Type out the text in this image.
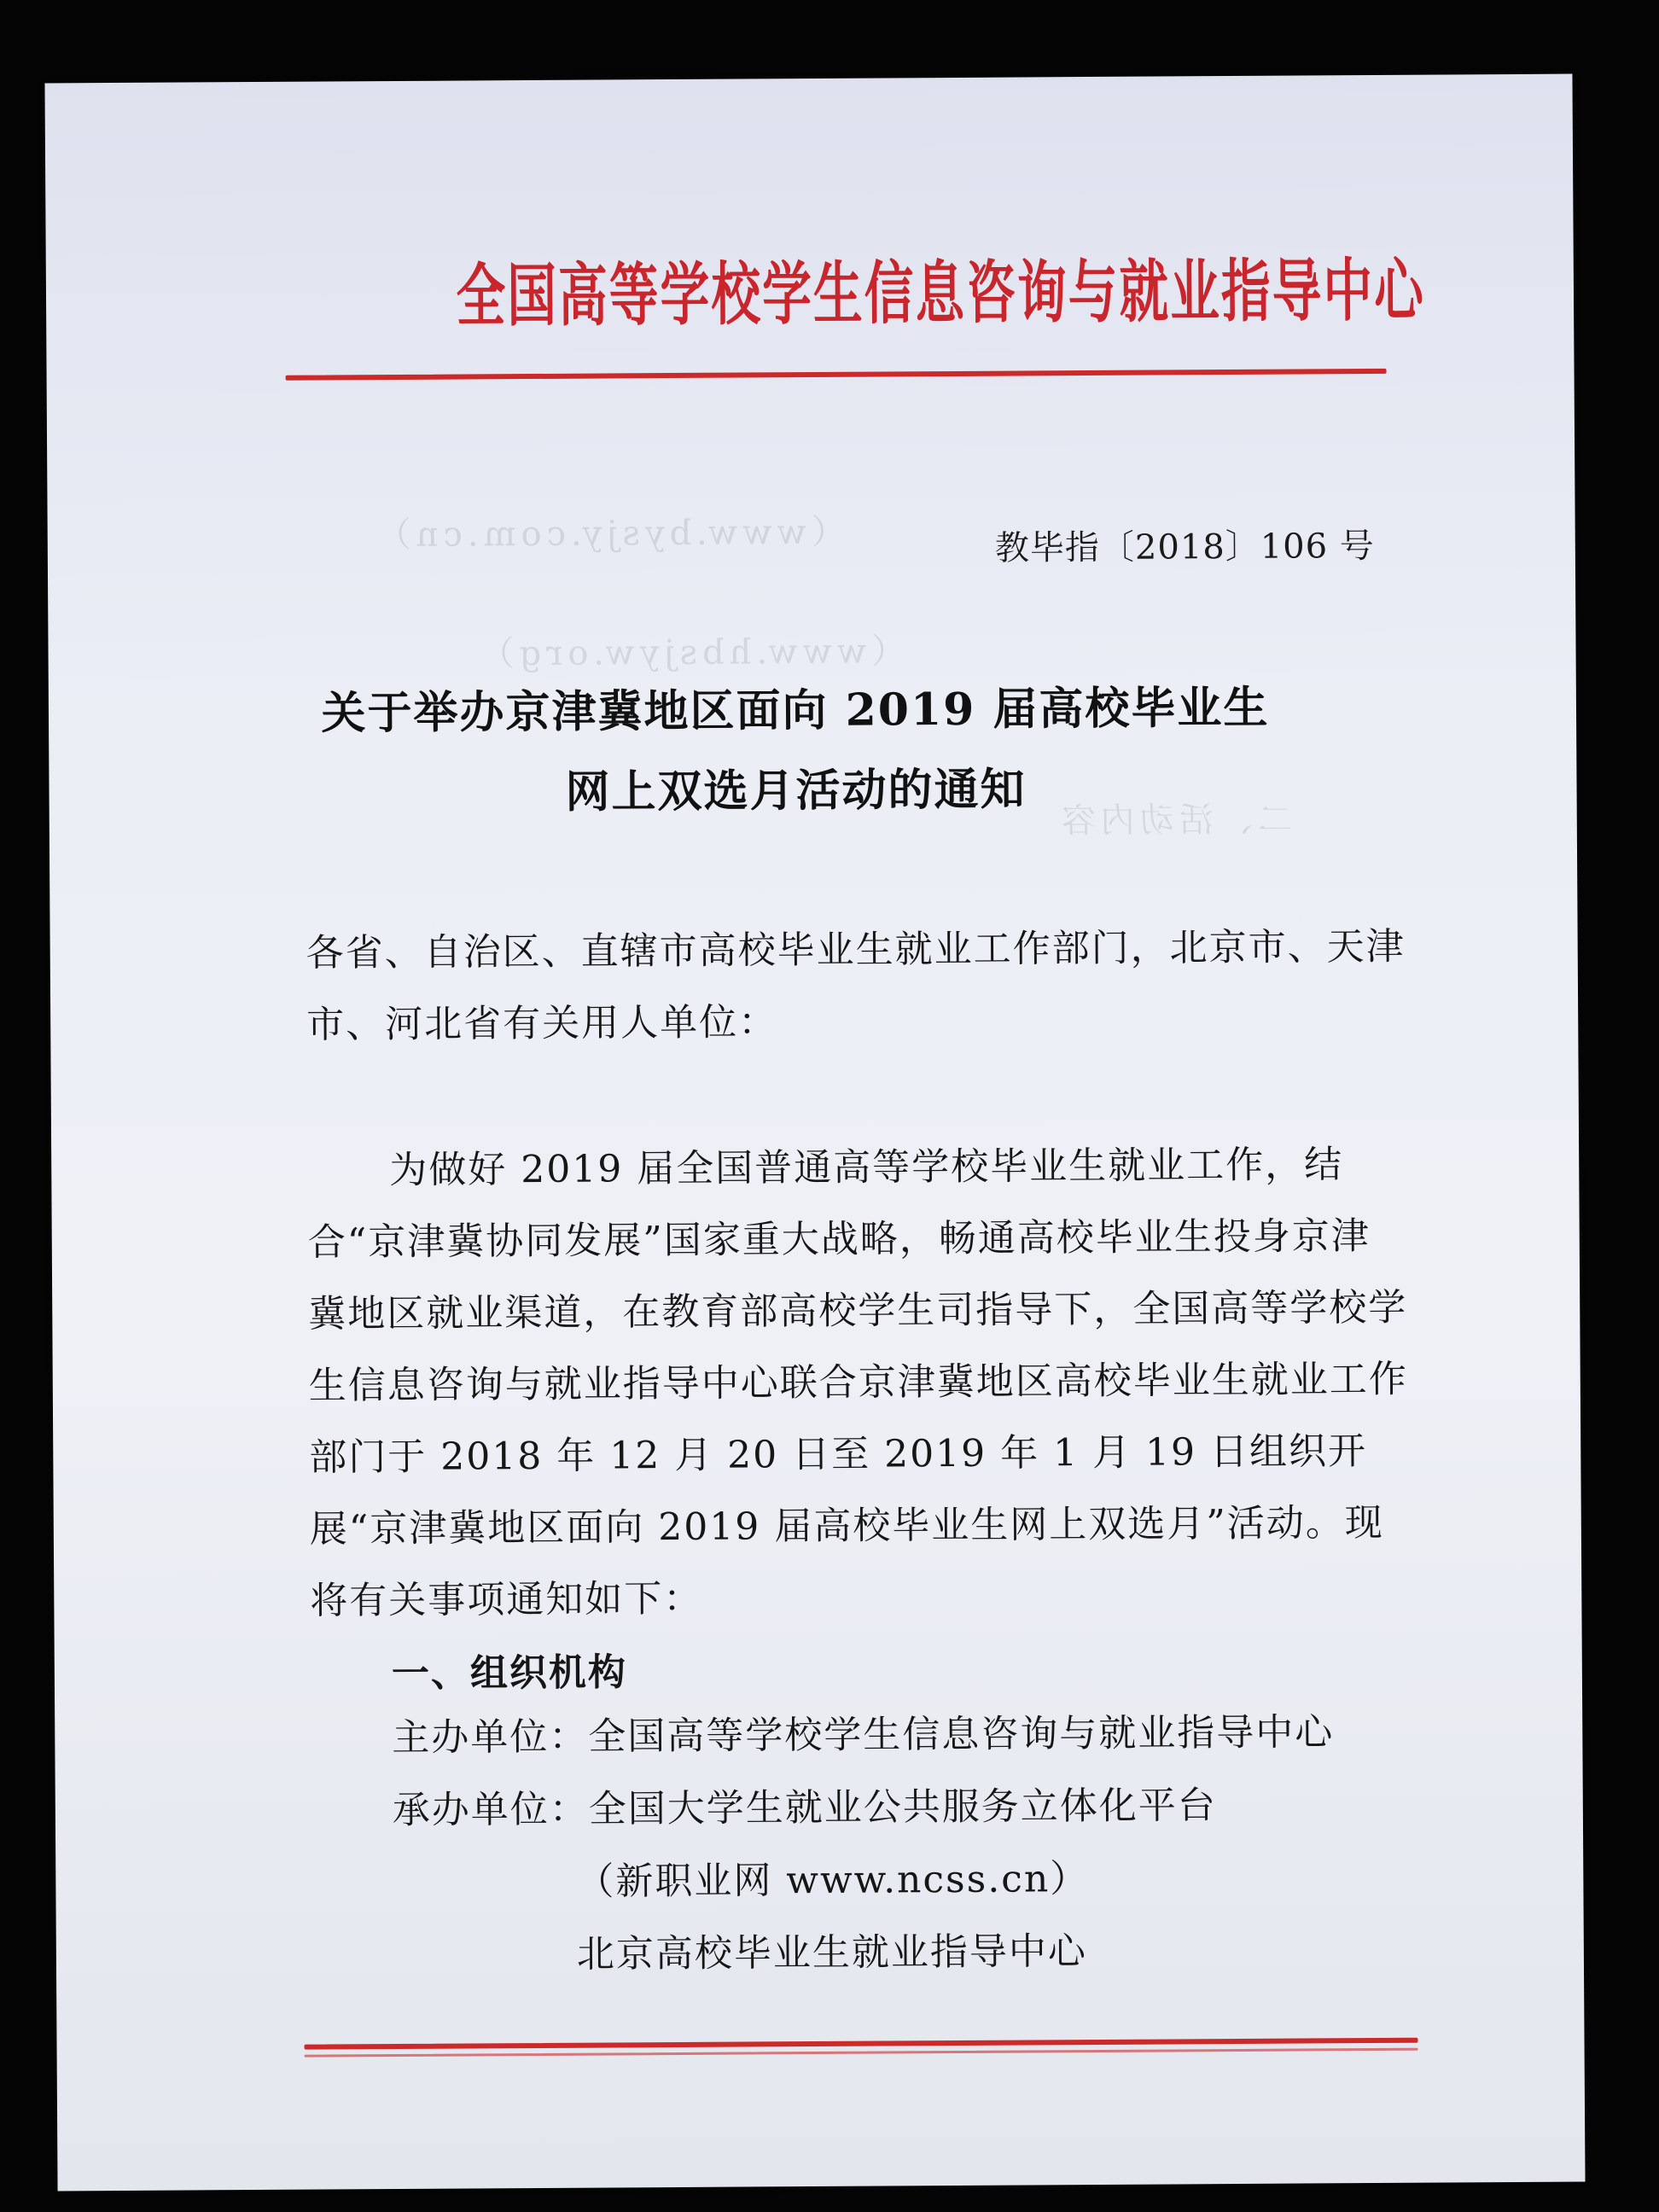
（www.bysjy.com.cn）
（www.hbsjyw.org）
二、活动内容
全国高等学校学生信息咨询与就业指导中心
教毕指〔2018〕106 号
关于举办京津冀地区面向 2019 届高校毕业生
网上双选月活动的通知
各省、自治区、直辖市高校毕业生就业工作部门，北京市、天津市、河北省有关用人单位：
为做好 2019 届全国普通高等学校毕业生就业工作，结合“京津冀协同发展”国家重大战略，畅通高校毕业生投身京津冀地区就业渠道，在教育部高校学生司指导下，全国高等学校学生信息咨询与就业指导中心联合京津冀地区高校毕业生就业工作部门于 2018 年 12 月 20 日至 2019 年 1 月 19 日组织开展“京津冀地区面向 2019 届高校毕业生网上双选月”活动。现将有关事项通知如下：
一、组织机构
主办单位：全国高等学校学生信息咨询与就业指导中心
承办单位：全国大学生就业公共服务立体化平台
（新职业网 www.ncss.cn）
北京高校毕业生就业指导中心
